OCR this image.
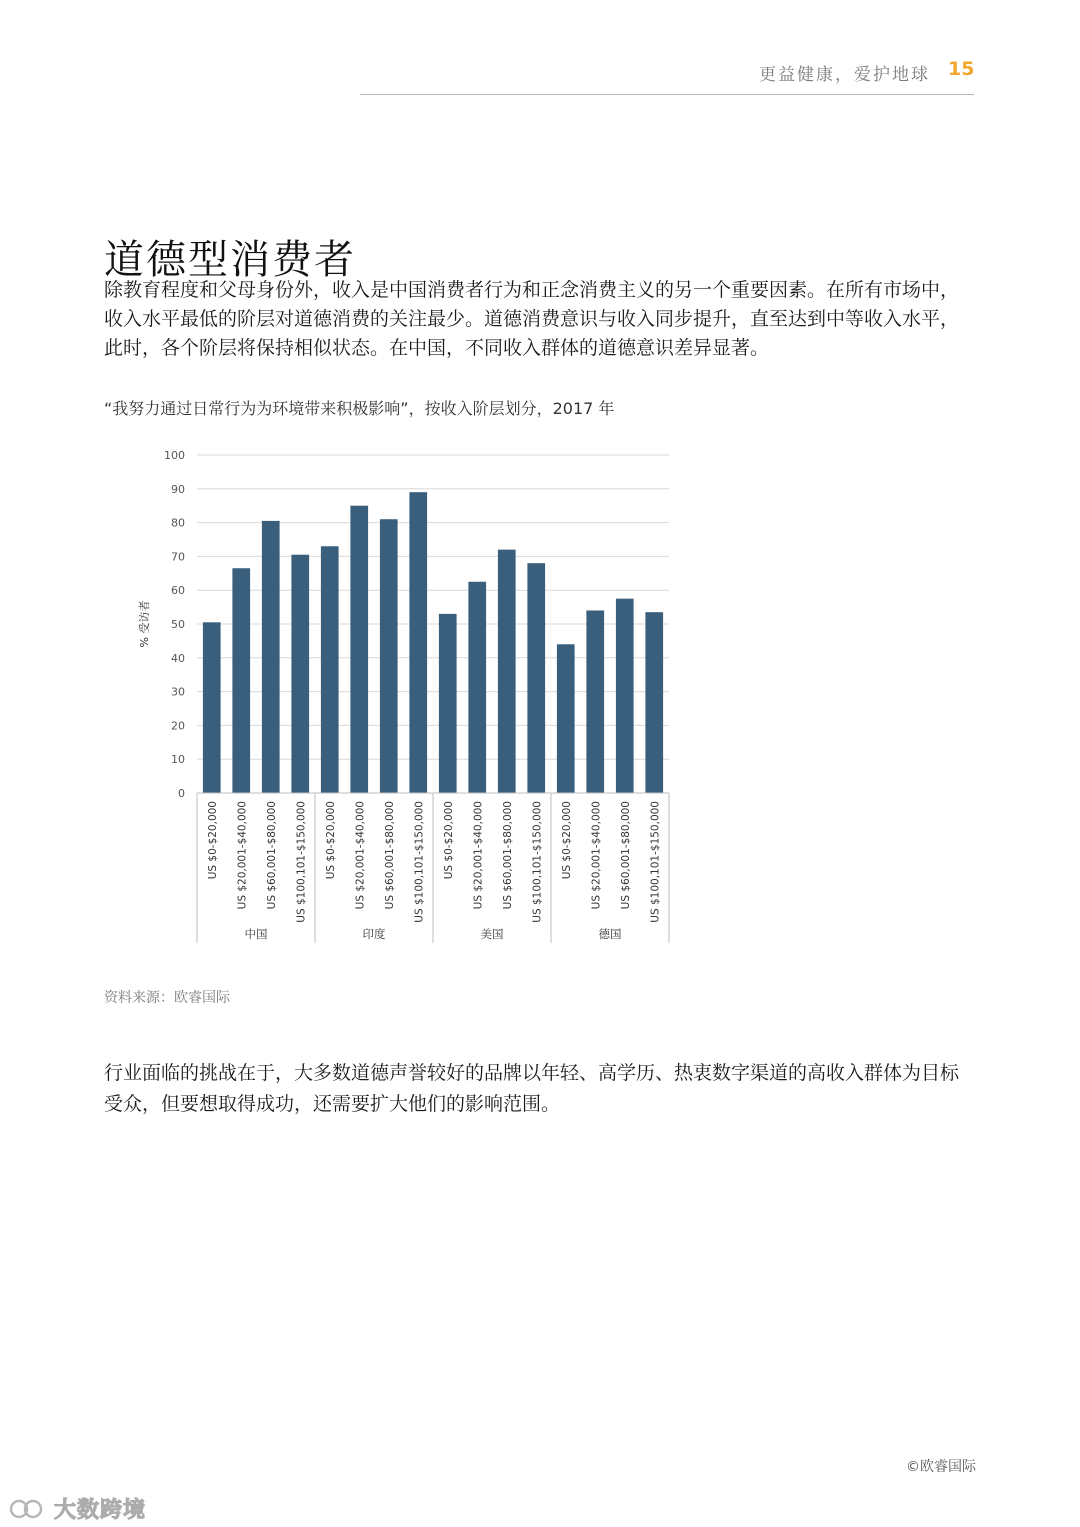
更益健康，爱护地球 15
道德型消费者
除教育程度和父母身份外，收入是中国消费者行为和正念消费主义的另一个重要因素。在所有市场中，收入水平最低的阶层对道德消费的关注最少。道德消费意识与收入同步提升，直至达到中等收入水平，此时，各个阶层将保持相似状态。在中国，不同收入群体的道德意识差异显著。
“我努力通过日常行为为环境带来积极影响”，按收入阶层划分，2017 年
0
10
20
30
40
50
60
70
80
90
100
% 受访者
US $0-$20,000 US $20,001-$40,000 US $60,001-$80,000 US $100,101-$150,000 US $0-$20,000 US $20,001-$40,000 US $60,001-$80,000 US $100,101-$150,000 US $0-$20,000 US $20,001-$40,000 US $60,001-$80,000 US $100,101-$150,000 US $0-$20,000 US $20,001-$40,000 US $60,001-$80,000 US $100,101-$150,000
中国	印度	美国	德国
资料来源：欧睿国际
行业面临的挑战在于，大多数道德声誉较好的品牌以年轻、高学历、热衷数字渠道的高收入群体为目标受众，但要想取得成功，还需要扩大他们的影响范围。
©欧睿国际
大数跨境
